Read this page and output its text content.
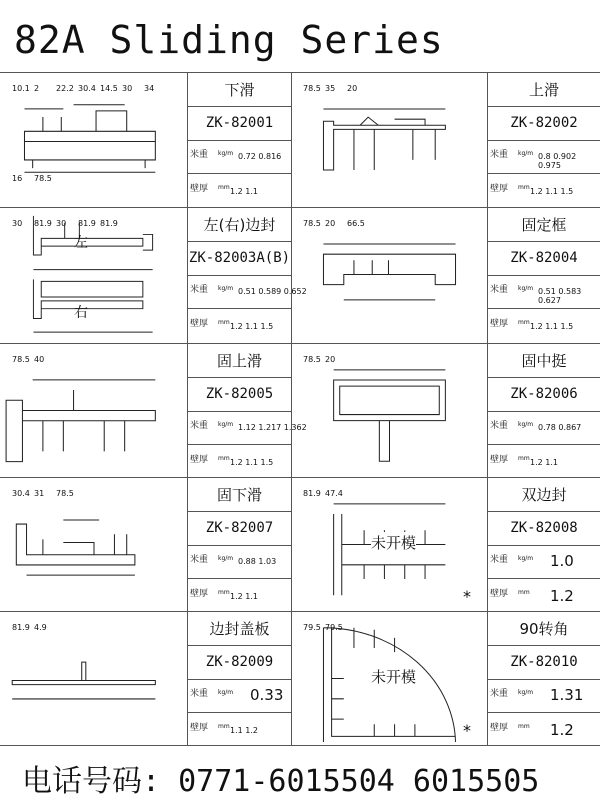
82A Sliding Series
10.1 2 22.2 30.4 14.5 30 34
16 78.5
下滑
ZK-82001
米重 kg/m 0.72 0.816
壁厚 mm 1.2 1.1
78.5 35 20	上滑
ZK-82002
米重 kg/m 0.8 0.902 0.975
壁厚 mm 1.2 1.1 1.5
30 81.9 30 81.9 81.9
左
右
左(右)边封
ZK-82003A(B)
米重 kg/m 0.51 0.589 0.652
壁厚 mm 1.2 1.1 1.5
78.5 20 66.5	固定框
ZK-82004
米重 kg/m 0.51 0.583 0.627
壁厚 mm 1.2 1.1 1.5
78.5 40	固上滑
ZK-82005
米重 kg/m 1.12 1.217 1.362
壁厚 mm 1.2 1.1 1.5
78.5 20	固中挺
ZK-82006
米重 kg/m 0.78 0.867
壁厚 mm 1.2 1.1
30.4 31 78.5	固下滑
ZK-82007
米重 kg/m 0.88 1.03
壁厚 mm 1.2 1.1
81.9 47.4
未开模
*
双边封
ZK-82008
米重 kg/m 1.0
壁厚 mm 1.2
81.9 4.9	边封盖板
ZK-82009
米重 kg/m 0.33
壁厚 mm 1.1 1.2
79.5 79.5
未开模
*
90转角
ZK-82010
米重 kg/m 1.31
壁厚 mm 1.2
电话号码: 0771-6015504 6015505
